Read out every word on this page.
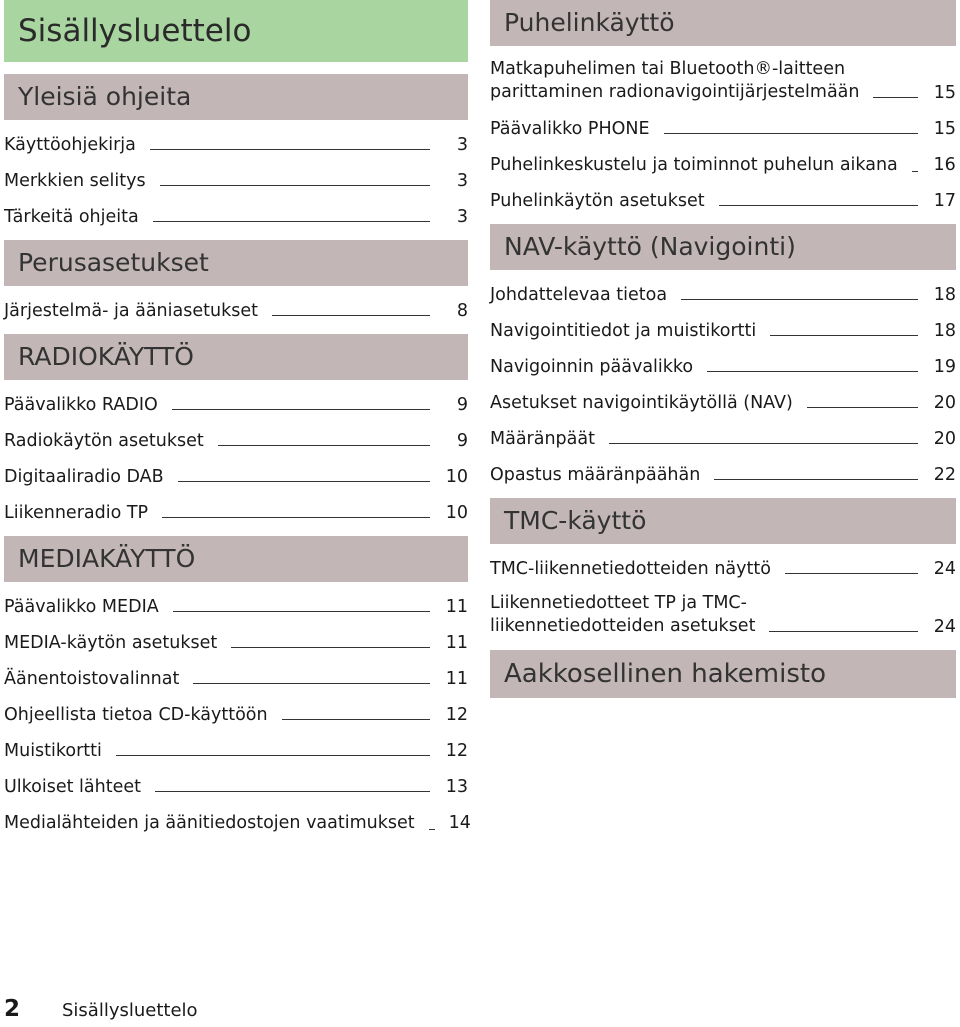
Sisällysluettelo
Yleisiä ohjeita
Käyttöohjekirja	3
Merkkien selitys	3
Tärkeitä ohjeita	3
Perusasetukset
Järjestelmä- ja ääniasetukset	8
RADIOKÄYTTÖ
Päävalikko RADIO	9
Radiokäytön asetukset	9
Digitaaliradio DAB	10
Liikenneradio TP	10
MEDIAKÄYTTÖ
Päävalikko MEDIA	11
MEDIA-käytön asetukset	11
Äänentoistovalinnat	11
Ohjeellista tietoa CD-käyttöön	12
Muistikortti	12
Ulkoiset lähteet	13
Medialähteiden ja äänitiedostojen vaatimukset 14
Puhelinkäyttö
Matkapuhelimen tai Bluetooth®-laitteen
parittaminen radionavigointijärjestelmään	15
Päävalikko PHONE	15
Puhelinkeskustelu ja toiminnot puhelun aikana 16
Puhelinkäytön asetukset	17
NAV-käyttö (Navigointi)
Johdattelevaa tietoa	18
Navigointitiedot ja muistikortti	18
Navigoinnin päävalikko	19
Asetukset navigointikäytöllä (NAV)	20
Määränpäät	20
Opastus määränpäähän	22
TMC-käyttö
TMC-liikennetiedotteiden näyttö	24
Liikennetiedotteet TP ja TMC-
liikennetiedotteiden asetukset	24
Aakkosellinen hakemisto
2	Sisällysluettelo
